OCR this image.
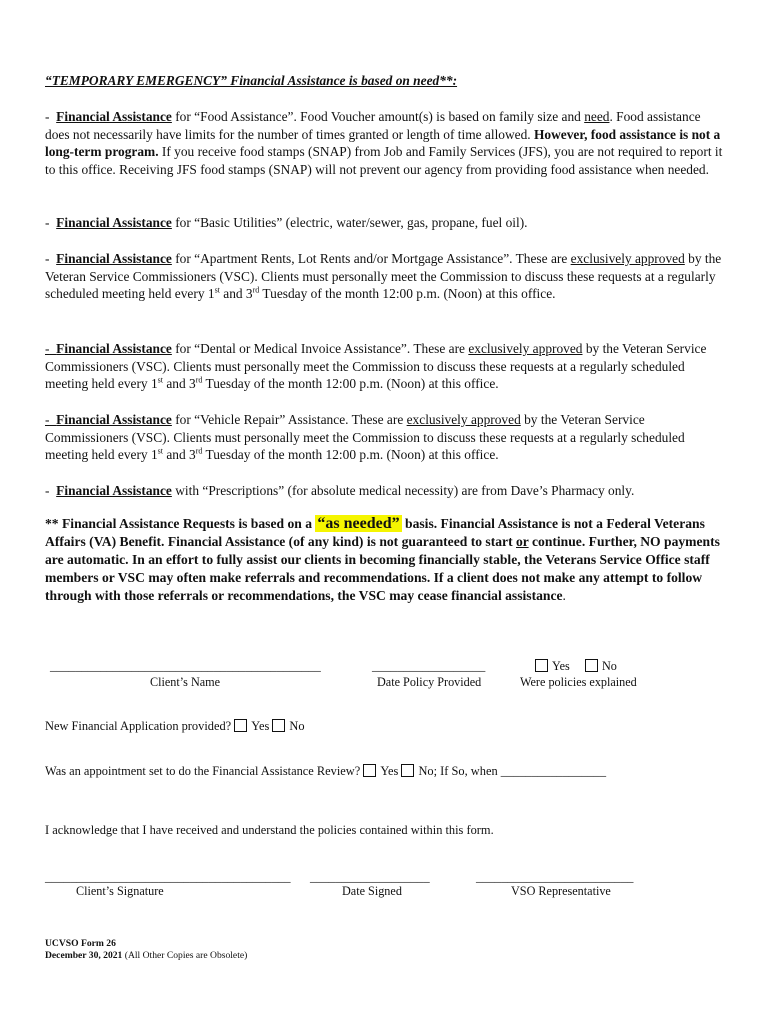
“TEMPORARY EMERGENCY” Financial Assistance is based on need**:

- Financial Assistance for “Food Assistance”. Food Voucher amount(s) is based on family size and need. Food assistance does not necessarily have limits for the number of times granted or length of time allowed. However, food assistance is not a long-term program. If you receive food stamps (SNAP) from Job and Family Services (JFS), you are not required to report it to this office. Receiving JFS food stamps (SNAP) will not prevent our agency from providing food assistance when needed.

- Financial Assistance for “Basic Utilities” (electric, water/sewer, gas, propane, fuel oil).

- Financial Assistance for “Apartment Rents, Lot Rents and/or Mortgage Assistance”. These are exclusively approved by the Veteran Service Commissioners (VSC). Clients must personally meet the Commission to discuss these requests at a regularly scheduled meeting held every 1st and 3rd Tuesday of the month 12:00 p.m. (Noon) at this office.

- Financial Assistance for “Dental or Medical Invoice Assistance”. These are exclusively approved by the Veteran Service Commissioners (VSC). Clients must personally meet the Commission to discuss these requests at a regularly scheduled meeting held every 1st and 3rd Tuesday of the month 12:00 p.m. (Noon) at this office.

- Financial Assistance for “Vehicle Repair” Assistance. These are exclusively approved by the Veteran Service Commissioners (VSC). Clients must personally meet the Commission to discuss these requests at a regularly scheduled meeting held every 1st and 3rd Tuesday of the month 12:00 p.m. (Noon) at this office.

- Financial Assistance with “Prescriptions” (for absolute medical necessity) are from Dave’s Pharmacy only.

** Financial Assistance Requests is based on a “as needed” basis. Financial Assistance is not a Federal Veterans Affairs (VA) Benefit. Financial Assistance (of any kind) is not guaranteed to start or continue. Further, NO payments are automatic. In an effort to fully assist our clients in becoming financially stable, the Veterans Service Office staff members or VSC may often make referrals and recommendations. If a client does not make any attempt to follow through with those referrals or recommendations, the VSC may cease financial assistance.

___________________________________________
Client’s Name
__________________
Date Policy Provided
Yes	No
Were policies explained
New Financial Application provided? Yes No
Was an appointment set to do the Financial Assistance Review? Yes No; If So, when _________________
I acknowledge that I have received and understand the policies contained within this form.
_______________________________________
Client’s Signature
___________________
Date Signed
_________________________
VSO Representative
UCVSO Form 26
December 30, 2021 (All Other Copies are Obsolete)
